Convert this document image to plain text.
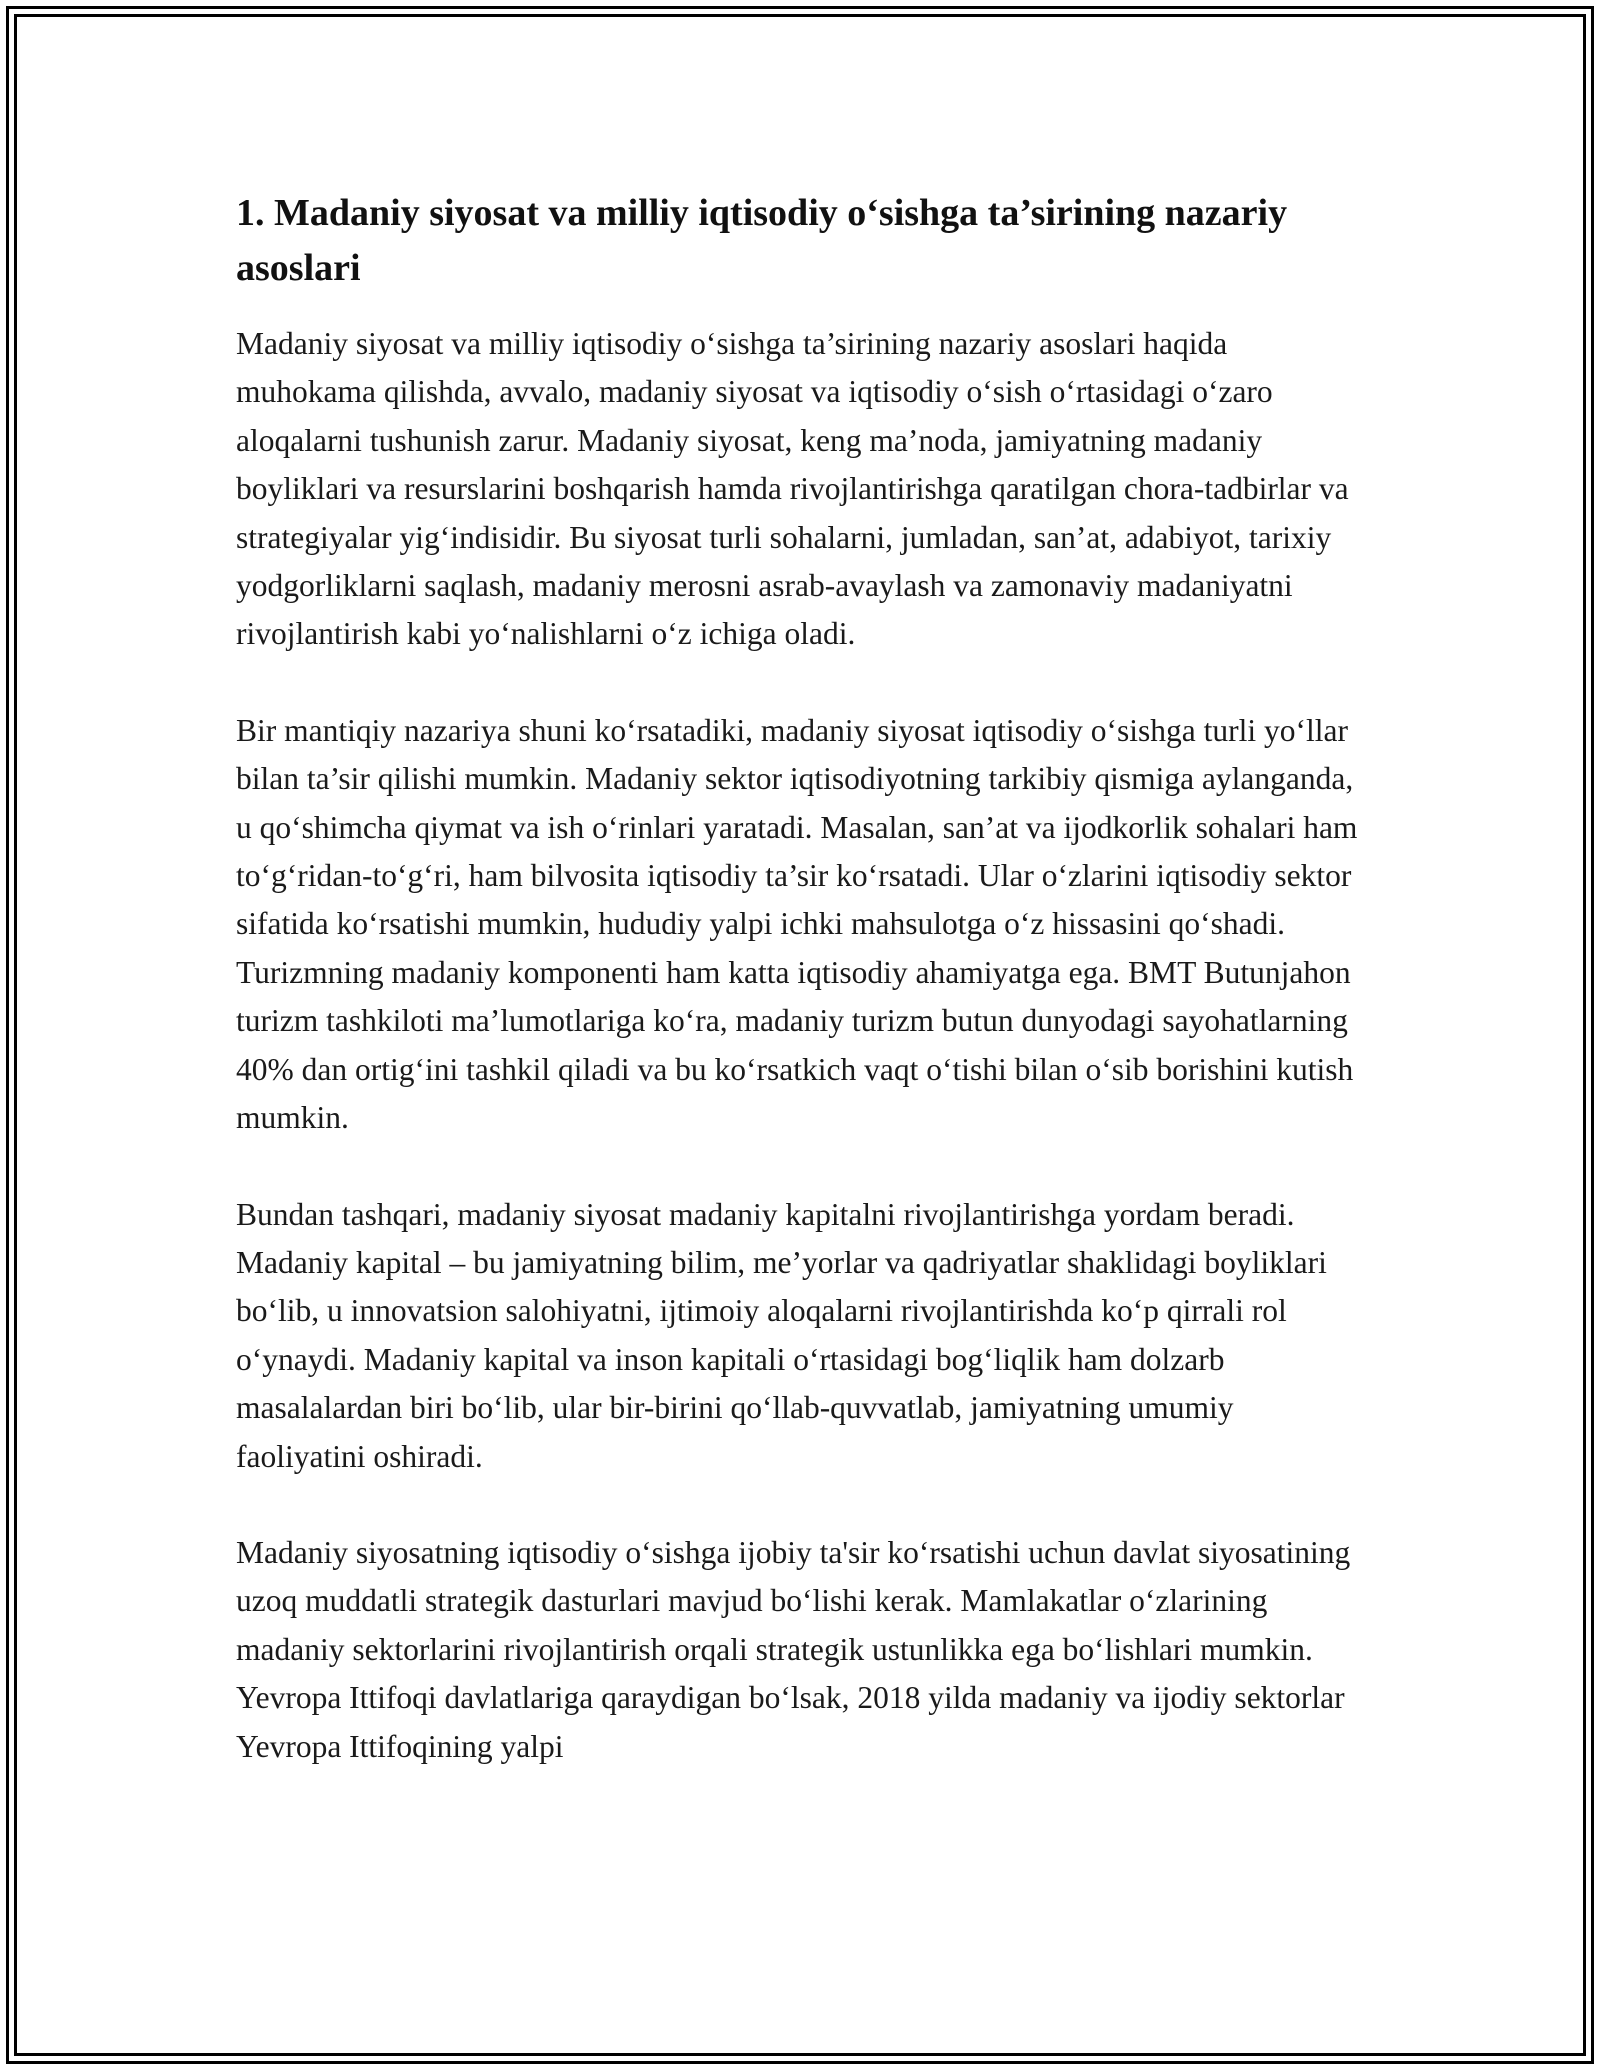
1. Madaniy siyosat va milliy iqtisodiy o‘sishga ta’sirining nazariy asoslari

Madaniy siyosat va milliy iqtisodiy o‘sishga ta’sirining nazariy asoslari haqida muhokama qilishda, avvalo, madaniy siyosat va iqtisodiy o‘sish o‘rtasidagi o‘zaro aloqalarni tushunish zarur. Madaniy siyosat, keng ma’noda, jamiyatning madaniy boyliklari va resurslarini boshqarish hamda rivojlantirishga qaratilgan chora-tadbirlar va strategiyalar yig‘indisidir. Bu siyosat turli sohalarni, jumladan, san’at, adabiyot, tarixiy yodgorliklarni saqlash, madaniy merosni asrab-avaylash va zamonaviy madaniyatni rivojlantirish kabi yo‘nalishlarni o‘z ichiga oladi.

Bir mantiqiy nazariya shuni ko‘rsatadiki, madaniy siyosat iqtisodiy o‘sishga turli yo‘llar bilan ta’sir qilishi mumkin. Madaniy sektor iqtisodiyotning tarkibiy qismiga aylanganda, u qo‘shimcha qiymat va ish o‘rinlari yaratadi. Masalan, san’at va ijodkorlik sohalari ham to‘g‘ridan-to‘g‘ri, ham bilvosita iqtisodiy ta’sir ko‘rsatadi. Ular o‘zlarini iqtisodiy sektor sifatida ko‘rsatishi mumkin, hududiy yalpi ichki mahsulotga o‘z hissasini qo‘shadi. Turizmning madaniy komponenti ham katta iqtisodiy ahamiyatga ega. BMT Butunjahon turizm tashkiloti ma’lumotlariga ko‘ra, madaniy turizm butun dunyodagi sayohatlarning 40% dan ortig‘ini tashkil qiladi va bu ko‘rsatkich vaqt o‘tishi bilan o‘sib borishini kutish mumkin.

Bundan tashqari, madaniy siyosat madaniy kapitalni rivojlantirishga yordam beradi. Madaniy kapital – bu jamiyatning bilim, me’yorlar va qadriyatlar shaklidagi boyliklari bo‘lib, u innovatsion salohiyatni, ijtimoiy aloqalarni rivojlantirishda ko‘p qirrali rol o‘ynaydi. Madaniy kapital va inson kapitali o‘rtasidagi bog‘liqlik ham dolzarb masalalardan biri bo‘lib, ular bir-birini qo‘llab-quvvatlab, jamiyatning umumiy faoliyatini oshiradi.

Madaniy siyosatning iqtisodiy o‘sishga ijobiy ta'sir ko‘rsatishi uchun davlat siyosatining uzoq muddatli strategik dasturlari mavjud bo‘lishi kerak. Mamlakatlar o‘zlarining madaniy sektorlarini rivojlantirish orqali strategik ustunlikka ega bo‘lishlari mumkin. Yevropa Ittifoqi davlatlariga qaraydigan bo‘lsak, 2018 yilda madaniy va ijodiy sektorlar Yevropa Ittifoqining yalpi
